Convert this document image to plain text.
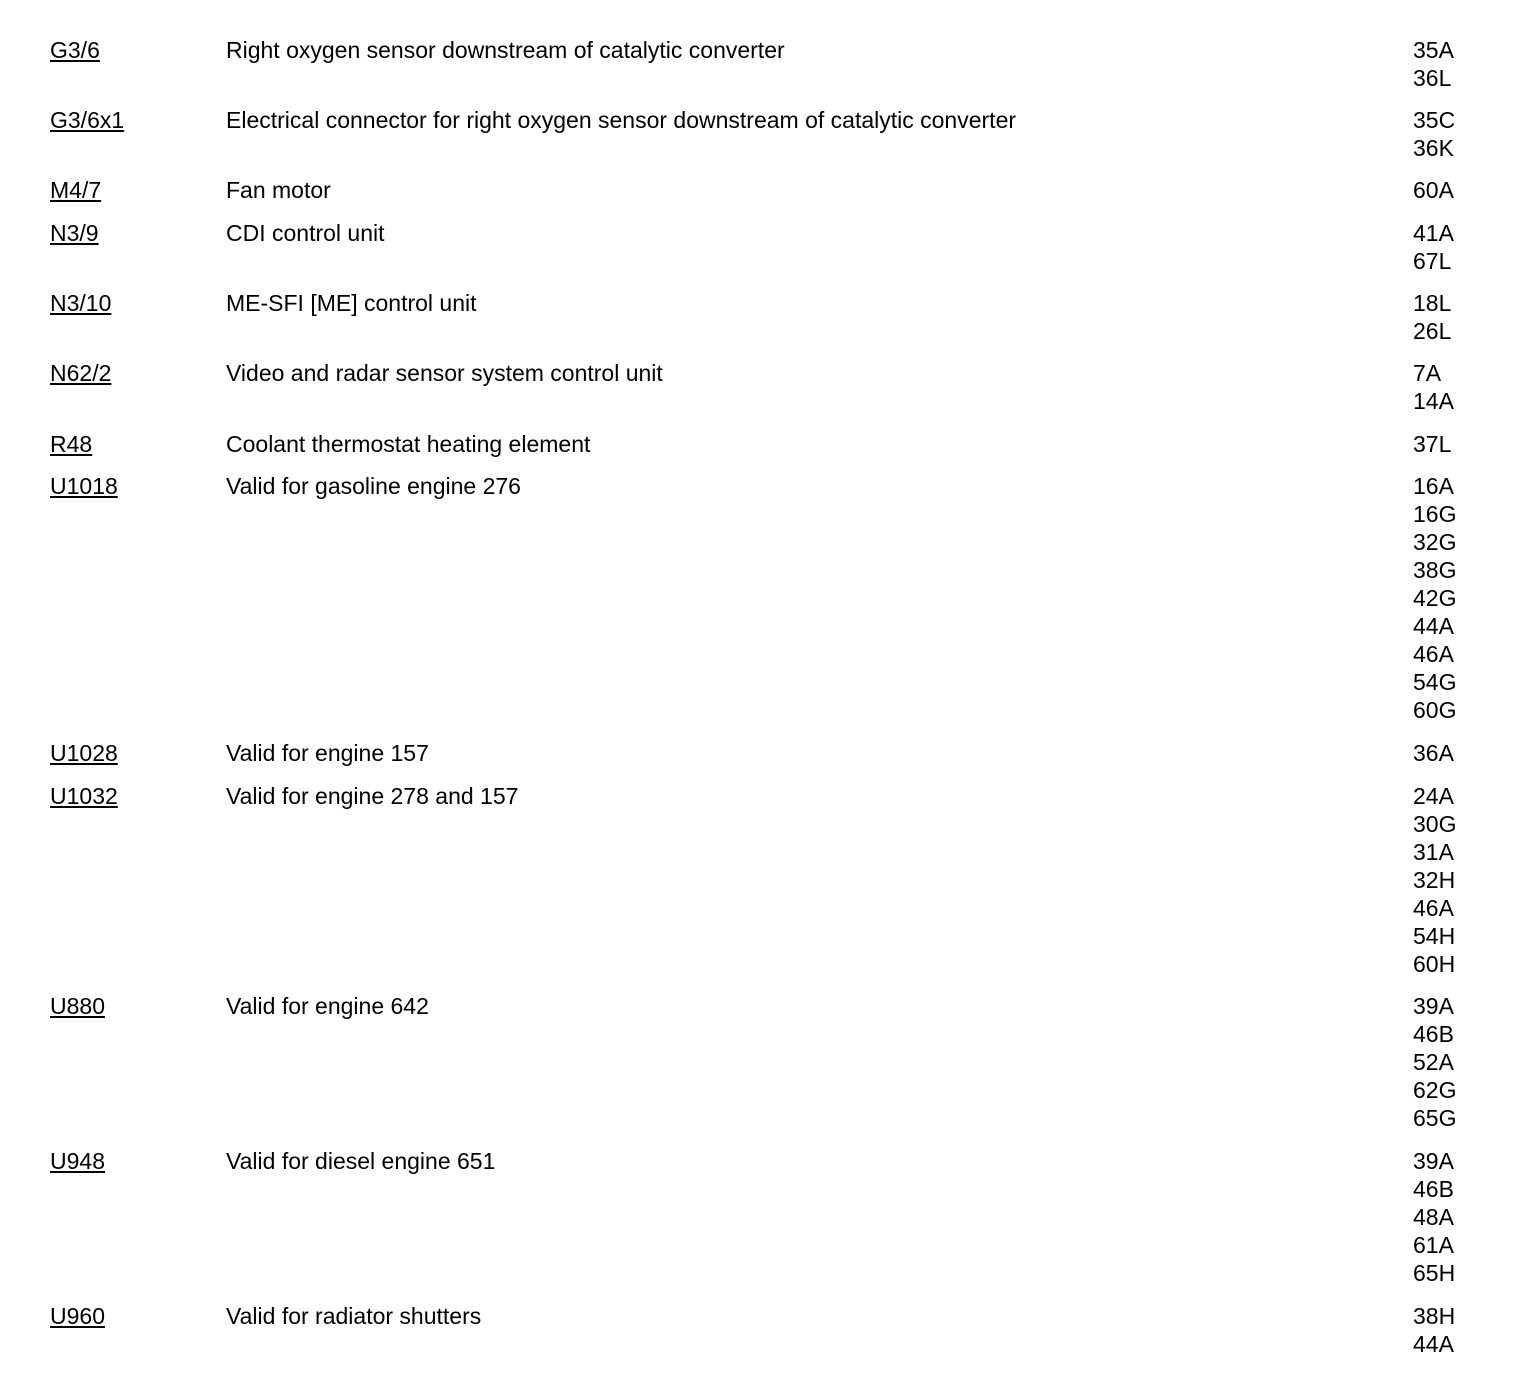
G3/6	Right oxygen sensor downstream of catalytic converter	35A
36L
G3/6x1	Electrical connector for right oxygen sensor downstream of catalytic converter	35C
36K
M4/7	Fan motor	60A
N3/9	CDI control unit	41A
67L
N3/10	ME-SFI [ME] control unit	18L
26L
N62/2	Video and radar sensor system control unit	7A
14A
R48	Coolant thermostat heating element	37L
U1018	Valid for gasoline engine 276	16A
16G
32G
38G
42G
44A
46A
54G
60G
U1028	Valid for engine 157	36A
U1032	Valid for engine 278 and 157	24A
30G
31A
32H
46A
54H
60H
U880	Valid for engine 642	39A
46B
52A
62G
65G
U948	Valid for diesel engine 651	39A
46B
48A
61A
65H
U960	Valid for radiator shutters	38H
44A
